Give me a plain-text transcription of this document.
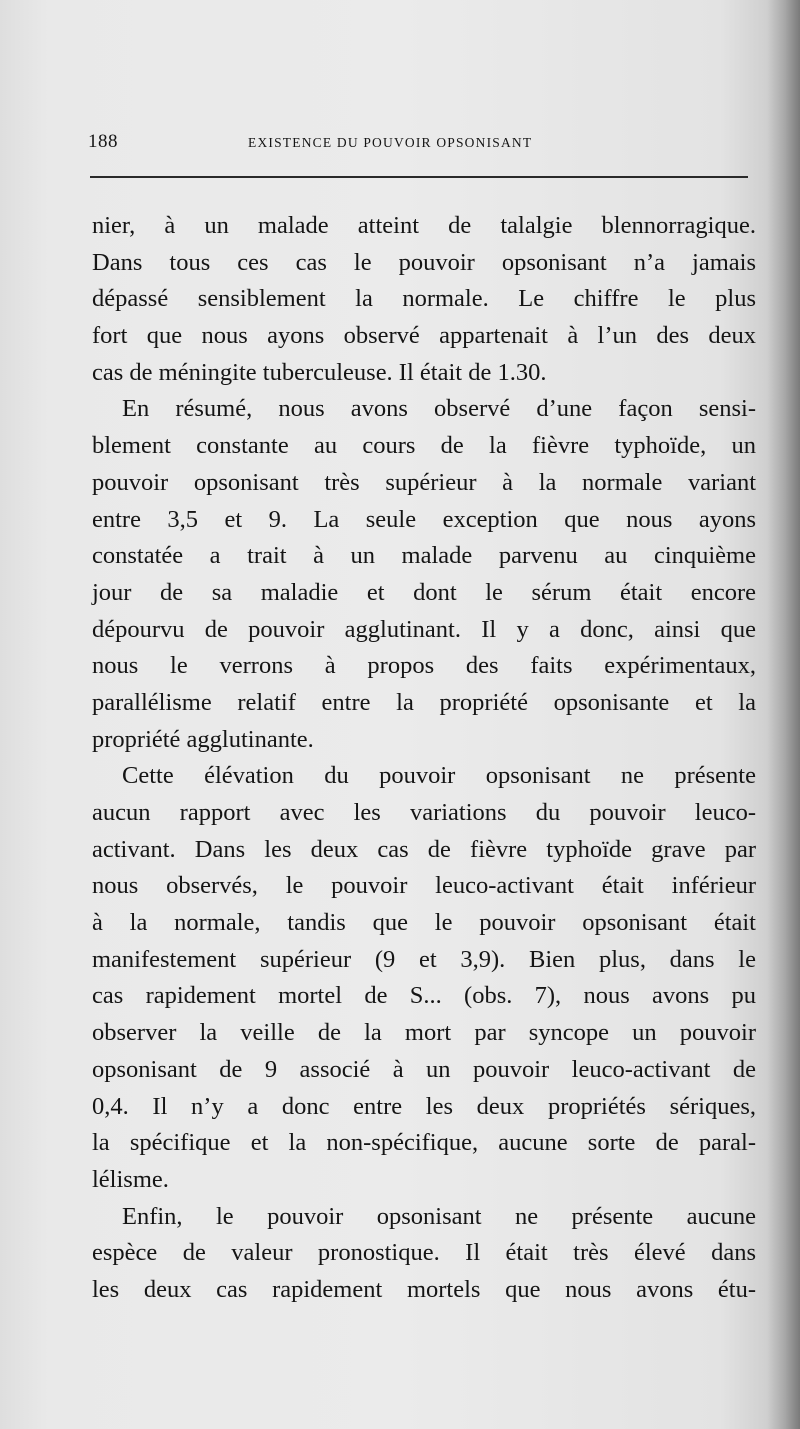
188	EXISTENCE DU POUVOIR OPSONISANT
nier, à un malade atteint de talalgie blennorragique.
Dans tous ces cas le pouvoir opsonisant n’a jamais
dépassé sensiblement la normale. Le chiffre le plus
fort que nous ayons observé appartenait à l’un des deux
cas de méningite tuberculeuse. Il était de 1.30.
En résumé, nous avons observé d’une façon sensi-
blement constante au cours de la fièvre typhoïde, un
pouvoir opsonisant très supérieur à la normale variant
entre 3,5 et 9. La seule exception que nous ayons
constatée a trait à un malade parvenu au cinquième
jour de sa maladie et dont le sérum était encore
dépourvu de pouvoir agglutinant. Il y a donc, ainsi que
nous le verrons à propos des faits expérimentaux,
parallélisme relatif entre la propriété opsonisante et la
propriété agglutinante.
Cette élévation du pouvoir opsonisant ne présente
aucun rapport avec les variations du pouvoir leuco-
activant. Dans les deux cas de fièvre typhoïde grave par
nous observés, le pouvoir leuco-activant était inférieur
à la normale, tandis que le pouvoir opsonisant était
manifestement supérieur (9 et 3,9). Bien plus, dans le
cas rapidement mortel de S... (obs. 7), nous avons pu
observer la veille de la mort par syncope un pouvoir
opsonisant de 9 associé à un pouvoir leuco-activant de
0,4. Il n’y a donc entre les deux propriétés sériques,
la spécifique et la non-spécifique, aucune sorte de paral-
lélisme.
Enfin, le pouvoir opsonisant ne présente aucune
espèce de valeur pronostique. Il était très élevé dans
les deux cas rapidement mortels que nous avons étu-
